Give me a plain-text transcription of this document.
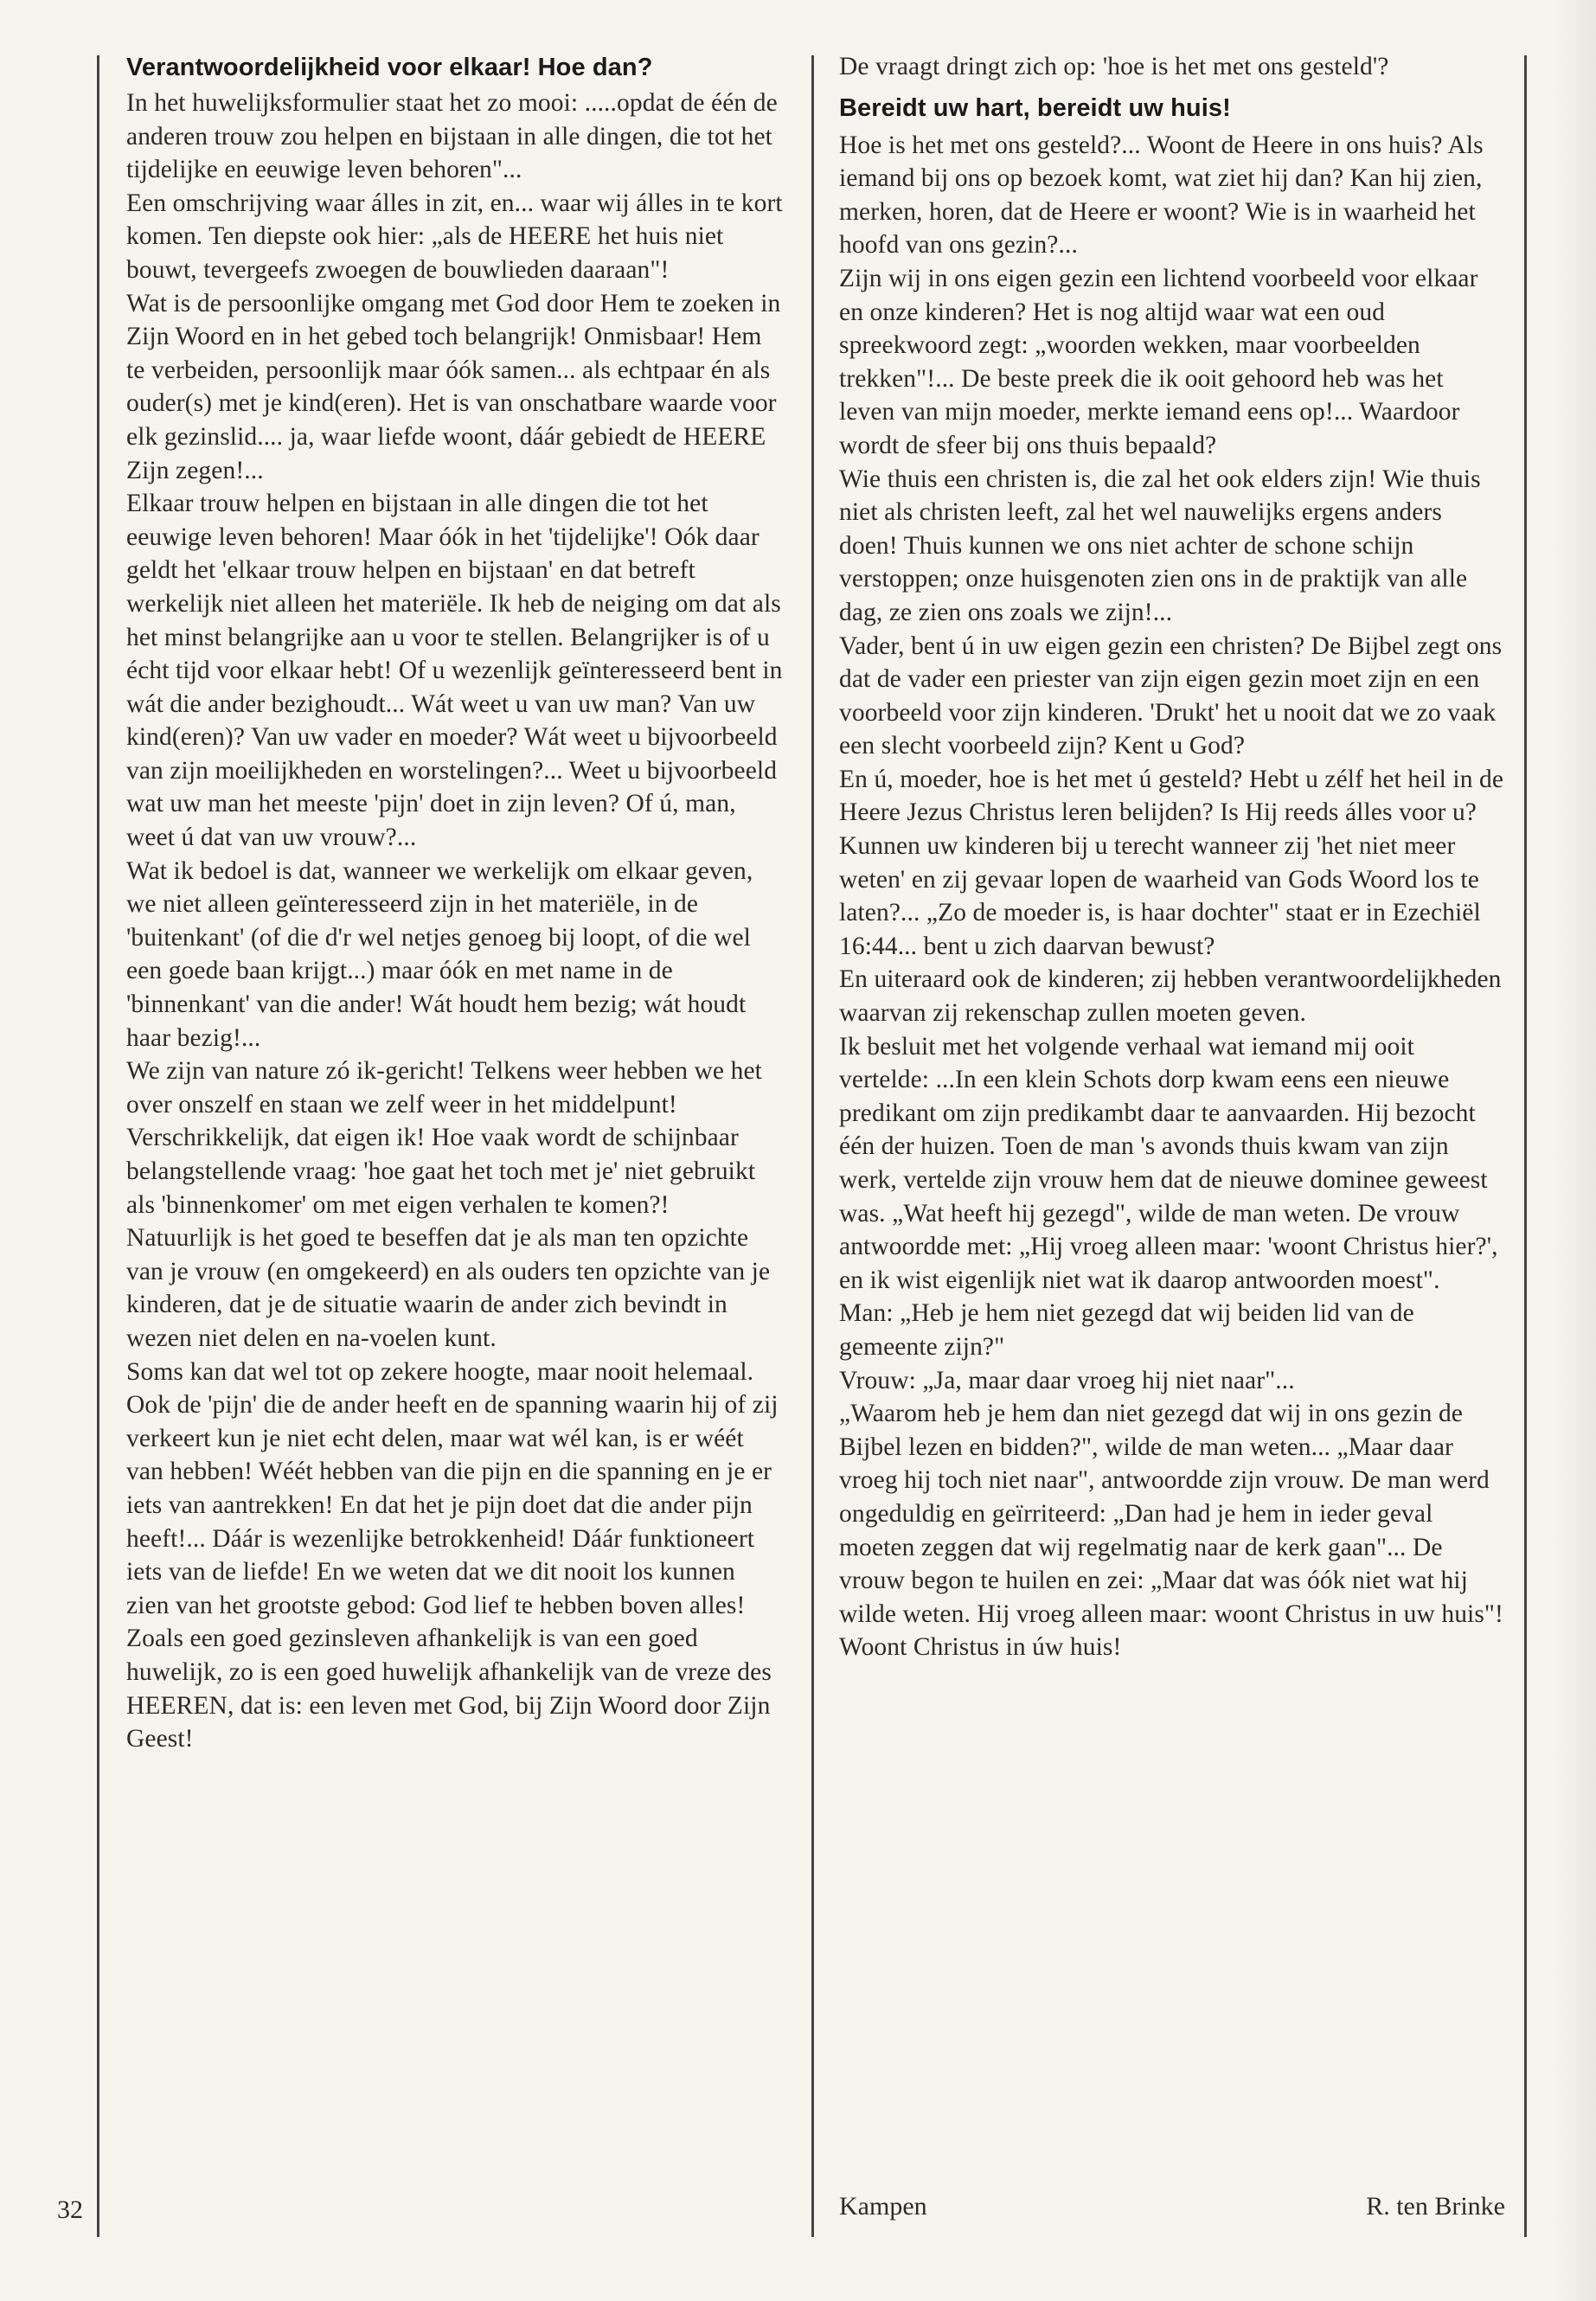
Verantwoordelijkheid voor elkaar! Hoe dan?

In het huwelijksformulier staat het zo mooi: .....opdat de één de anderen trouw zou helpen en bijstaan in alle dingen, die tot het tijdelijke en eeuwige leven behoren"...

Een omschrijving waar álles in zit, en... waar wij álles in te kort komen. Ten diepste ook hier: „als de HEERE het huis niet bouwt, tevergeefs zwoegen de bouwlieden daaraan"!

Wat is de persoonlijke omgang met God door Hem te zoeken in Zijn Woord en in het gebed toch belangrijk! Onmisbaar! Hem te verbeiden, persoonlijk maar óók samen... als echtpaar én als ouder(s) met je kind(eren). Het is van onschatbare waarde voor elk gezinslid.... ja, waar liefde woont, dáár gebiedt de HEERE Zijn zegen!...

Elkaar trouw helpen en bijstaan in alle dingen die tot het eeuwige leven behoren! Maar óók in het 'tijdelijke'! Oók daar geldt het 'elkaar trouw helpen en bijstaan' en dat betreft werkelijk niet alleen het materiële. Ik heb de neiging om dat als het minst belangrijke aan u voor te stellen. Belangrijker is of u écht tijd voor elkaar hebt! Of u wezenlijk geïnteresseerd bent in wát die ander bezighoudt... Wát weet u van uw man? Van uw kind(eren)? Van uw vader en moeder? Wát weet u bijvoorbeeld van zijn moeilijkheden en worstelingen?... Weet u bijvoorbeeld wat uw man het meeste 'pijn' doet in zijn leven? Of ú, man, weet ú dat van uw vrouw?...

Wat ik bedoel is dat, wanneer we werkelijk om elkaar geven, we niet alleen geïnteresseerd zijn in het materiële, in de 'buitenkant' (of die d'r wel netjes genoeg bij loopt, of die wel een goede baan krijgt...) maar óók en met name in de 'binnenkant' van die ander! Wát houdt hem bezig; wát houdt haar bezig!...

We zijn van nature zó ik-gericht! Telkens weer hebben we het over onszelf en staan we zelf weer in het middelpunt! Verschrikkelijk, dat eigen ik! Hoe vaak wordt de schijnbaar belangstellende vraag: 'hoe gaat het toch met je' niet gebruikt als 'binnenkomer' om met eigen verhalen te komen?!

Natuurlijk is het goed te beseffen dat je als man ten opzichte van je vrouw (en omgekeerd) en als ouders ten opzichte van je kinderen, dat je de situatie waarin de ander zich bevindt in wezen niet delen en na-voelen kunt.

Soms kan dat wel tot op zekere hoogte, maar nooit helemaal. Ook de 'pijn' die de ander heeft en de spanning waarin hij of zij verkeert kun je niet echt delen, maar wat wél kan, is er wéét van hebben! Wéét hebben van die pijn en die spanning en je er iets van aantrekken! En dat het je pijn doet dat die ander pijn heeft!... Dáár is wezenlijke betrokkenheid! Dáár funktioneert iets van de liefde! En we weten dat we dit nooit los kunnen zien van het grootste gebod: God lief te hebben boven alles!

Zoals een goed gezinsleven afhankelijk is van een goed huwelijk, zo is een goed huwelijk afhankelijk van de vreze des HEEREN, dat is: een leven met God, bij Zijn Woord door Zijn Geest!

De vraagt dringt zich op: 'hoe is het met ons gesteld'?

Bereidt uw hart, bereidt uw huis!

Hoe is het met ons gesteld?... Woont de Heere in ons huis? Als iemand bij ons op bezoek komt, wat ziet hij dan? Kan hij zien, merken, horen, dat de Heere er woont? Wie is in waarheid het hoofd van ons gezin?...

Zijn wij in ons eigen gezin een lichtend voorbeeld voor elkaar en onze kinderen? Het is nog altijd waar wat een oud spreekwoord zegt: „woorden wekken, maar voorbeelden trekken"!... De beste preek die ik ooit gehoord heb was het leven van mijn moeder, merkte iemand eens op!... Waardoor wordt de sfeer bij ons thuis bepaald?

Wie thuis een christen is, die zal het ook elders zijn! Wie thuis niet als christen leeft, zal het wel nauwelijks ergens anders doen! Thuis kunnen we ons niet achter de schone schijn verstoppen; onze huisgenoten zien ons in de praktijk van alle dag, ze zien ons zoals we zijn!...

Vader, bent ú in uw eigen gezin een christen? De Bijbel zegt ons dat de vader een priester van zijn eigen gezin moet zijn en een voorbeeld voor zijn kinderen. 'Drukt' het u nooit dat we zo vaak een slecht voorbeeld zijn? Kent u God?

En ú, moeder, hoe is het met ú gesteld? Hebt u zélf het heil in de Heere Jezus Christus leren belijden? Is Hij reeds álles voor u? Kunnen uw kinderen bij u terecht wanneer zij 'het niet meer weten' en zij gevaar lopen de waarheid van Gods Woord los te laten?... „Zo de moeder is, is haar dochter" staat er in Ezechiël 16:44... bent u zich daarvan bewust?

En uiteraard ook de kinderen; zij hebben verantwoordelijkheden waarvan zij rekenschap zullen moeten geven.

Ik besluit met het volgende verhaal wat iemand mij ooit vertelde: ...In een klein Schots dorp kwam eens een nieuwe predikant om zijn predikambt daar te aanvaarden. Hij bezocht één der huizen. Toen de man 's avonds thuis kwam van zijn werk, vertelde zijn vrouw hem dat de nieuwe dominee geweest was. „Wat heeft hij gezegd", wilde de man weten. De vrouw antwoordde met: „Hij vroeg alleen maar: 'woont Christus hier?', en ik wist eigenlijk niet wat ik daarop antwoorden moest".

Man: „Heb je hem niet gezegd dat wij beiden lid van de gemeente zijn?"

Vrouw: „Ja, maar daar vroeg hij niet naar"...

„Waarom heb je hem dan niet gezegd dat wij in ons gezin de Bijbel lezen en bidden?", wilde de man weten... „Maar daar vroeg hij toch niet naar", antwoordde zijn vrouw. De man werd ongeduldig en geïrriteerd: „Dan had je hem in ieder geval moeten zeggen dat wij regelmatig naar de kerk gaan"... De vrouw begon te huilen en zei: „Maar dat was óók niet wat hij wilde weten. Hij vroeg alleen maar: woont Christus in uw huis"!

Woont Christus in úw huis!

32	Kampen	R. ten Brinke
